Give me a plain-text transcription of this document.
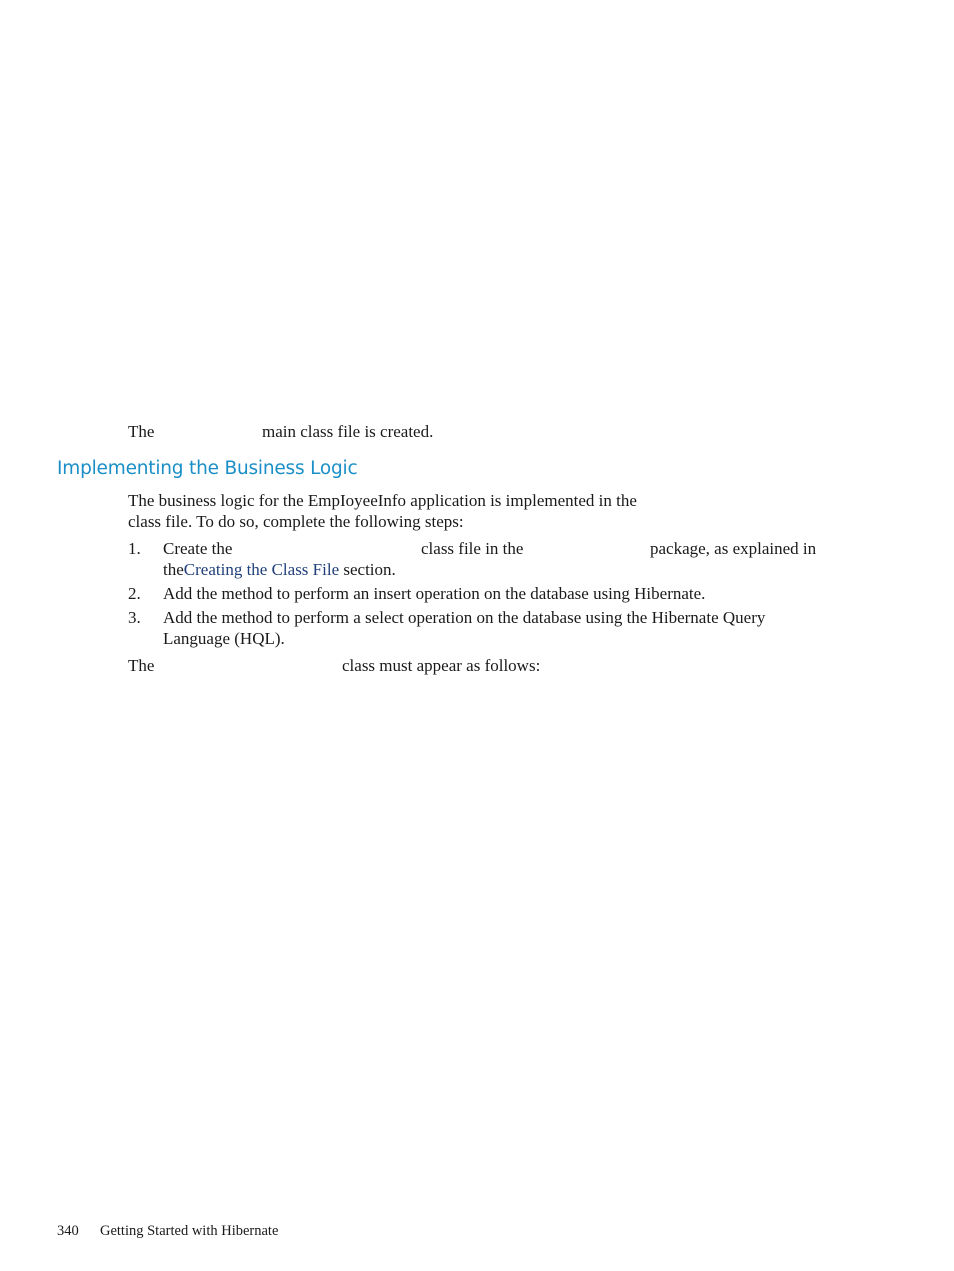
The	main class file is created.
Implementing the Business Logic
The business logic for the EmpIoyeeInfo application is implemented in the
class file. To do so, complete the following steps:
1. Create the	class file in the	package, as explained in
theCreating the Class File section.
2. Add the method to perform an insert operation on the database using Hibernate.
3. Add the method to perform a select operation on the database using the Hibernate Query
Language (HQL).
The	class must appear as follows:
340 Getting Started with Hibernate
